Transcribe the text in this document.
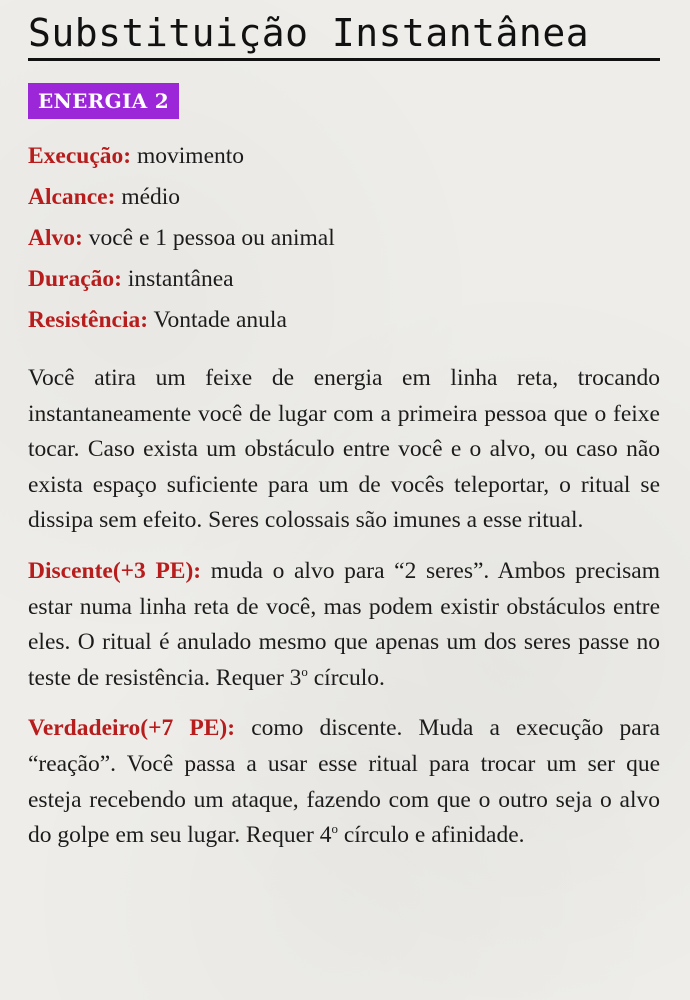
Substituição Instantânea
ENERGIA 2
Execução: movimento
Alcance: médio
Alvo: você e 1 pessoa ou animal
Duração: instantânea
Resistência: Vontade anula

Você atira um feixe de energia em linha reta, trocando instantaneamente você de lugar com a primeira pessoa que o feixe tocar. Caso exista um obstáculo entre você e o alvo, ou caso não exista espaço suficiente para um de vocês teleportar, o ritual se dissipa sem efeito. Seres colossais são imunes a esse ritual.

Discente(+3 PE): muda o alvo para “2 seres”. Ambos precisam estar numa linha reta de você, mas podem existir obstáculos entre eles. O ritual é anulado mesmo que apenas um dos seres passe no teste de resistência. Requer 3$^o$ círculo.

Verdadeiro(+7 PE): como discente. Muda a execução para “reação”. Você passa a usar esse ritual para trocar um ser que esteja recebendo um ataque, fazendo com que o outro seja o alvo do golpe em seu lugar. Requer 4$^o$ círculo e afinidade.
